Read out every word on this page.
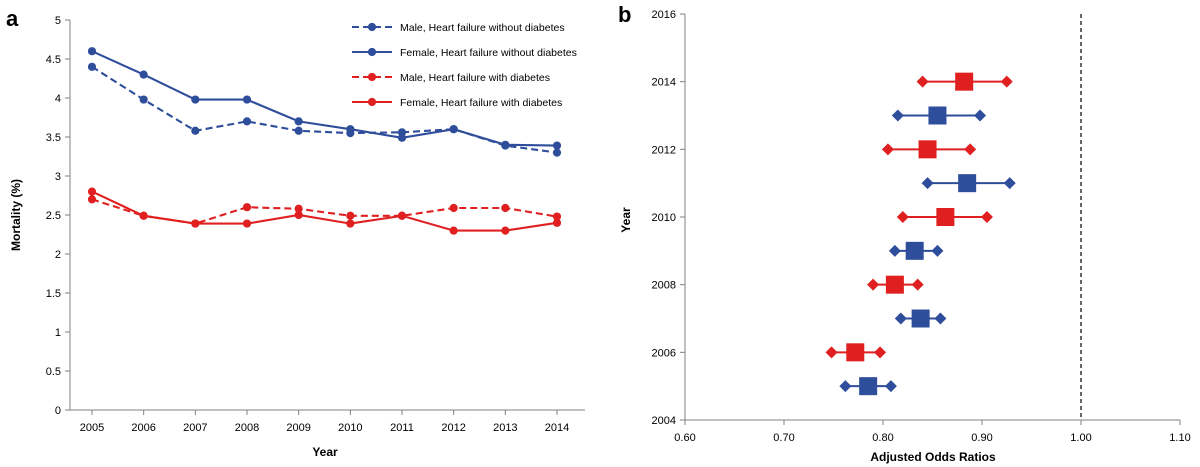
a
0
0.5
1
1.5
2
2.5
3
3.5
4
4.5
5
2005 2006 2007 2008 2009 2010	2011	2012 2013 2014
Male, Heart failure without diabetes
Female, Heart failure without diabetes
Male, Heart failure with diabetes
Female, Heart failure with diabetes
Year
Mortality (%)
b
2004
2006
2008
2010
2012
2014
2016
0.60	0.70	0.80	0.90	1.00	1.10
Adjusted Odds Ratios
Year
